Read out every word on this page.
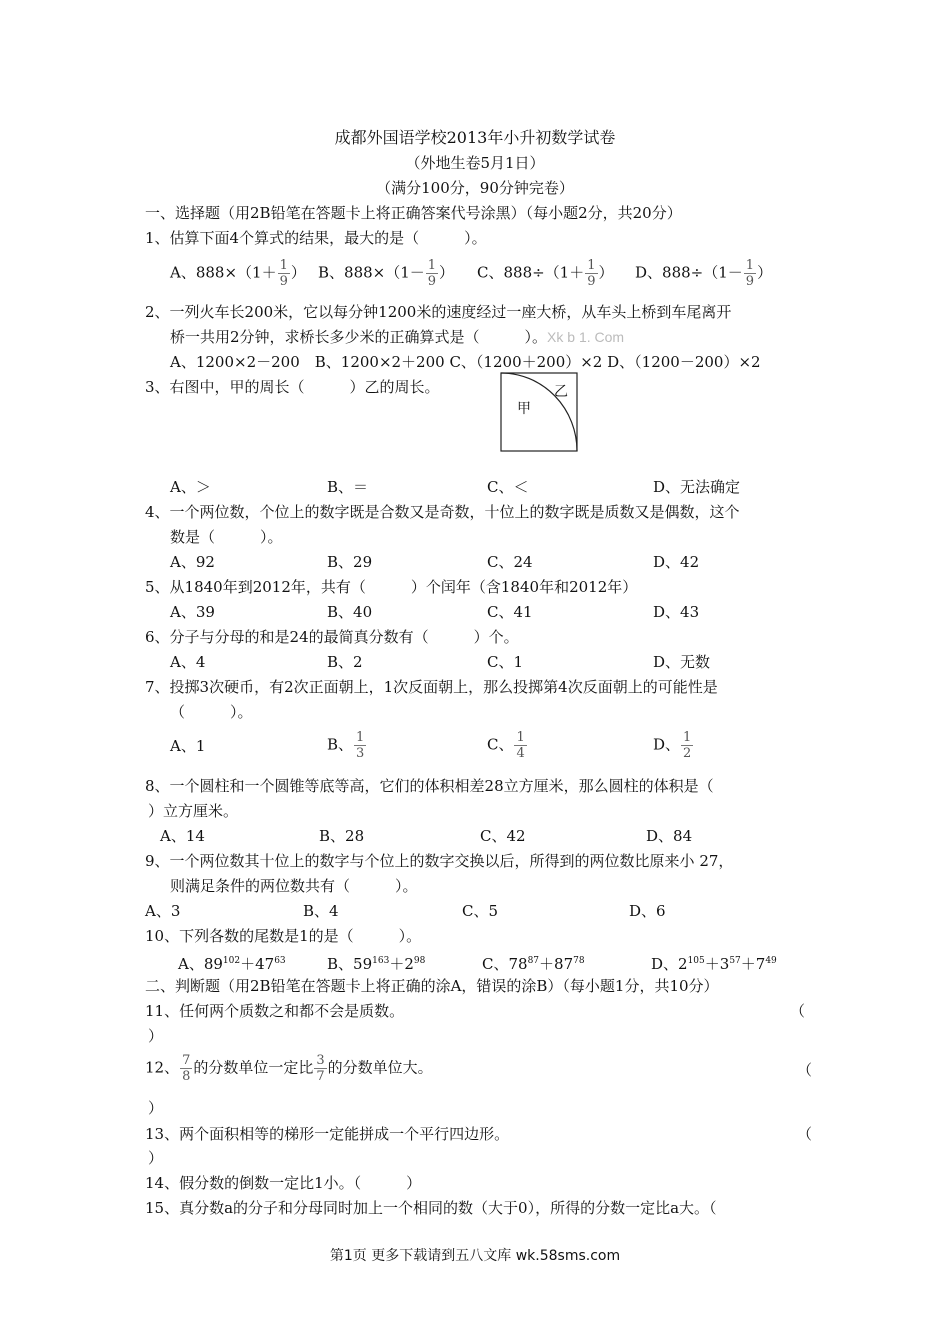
成都外国语学校2013年小升初数学试卷
（外地生卷5月1日）
（满分100分，90分钟完卷）
一、选择题（用2B铅笔在答题卡上将正确答案代号涂黑）（每小题2分，共20分）
1、估算下面4个算式的结果，最大的是（　　　）。
A、$888\times(1+ \frac{1}{9}$ ） B、$888\times(1- \frac{1}{9}$ ） C、$888\div(1+ \frac{1}{9}$ ） D、$888\div(1- \frac{1}{9}$ ）
2、一列火车长200米，它以每分钟1200米的速度经过一座大桥，从车头上桥到车尾离开
桥一共用2分钟，求桥长多少米的正确算式是（　　　）。Xk b 1. Com
A、1200×2－200　B、1200×2＋200 C、（1200＋200）×2 D、（1200－200）×2
3、右图中，甲的周长（　　　）乙的周长。
甲
乙
A、＞	B、＝	C、＜	D、无法确定
4、一个两位数，个位上的数字既是合数又是奇数，十位上的数字既是质数又是偶数，这个
数是（　　　）。
A、92	B、29	C、24	D、42
5、从1840年到2012年，共有（　　　）个闰年（含1840年和2012年）
A、39	B、40	C、41	D、43
6、分子与分母的和是24的最简真分数有（　　　）个。
A、4	B、2	C、1	D、无数
7、投掷3次硬币，有2次正面朝上，1次反面朝上，那么投掷第4次反面朝上的可能性是
（　　　）。
A、1	B、 $\frac{1}{3}$	C、 $\frac{1}{4}$	D、 $\frac{1}{2}$
8、一个圆柱和一个圆锥等底等高，它们的体积相差28立方厘米，那么圆柱的体积是（
）立方厘米。
A、14	B、28	C、42	D、84
9、一个两位数其十位上的数字与个位上的数字交换以后，所得到的两位数比原来小 27，
则满足条件的两位数共有（　　　）。
A、3	B、4	C、5	D、6
10、下列各数的尾数是1的是（　　　）。
A、$89^{102}+47^{63}$	B、$59^{163}+2^{98}$	C、$78^{87}+87^{78}$	D、$2^{105}+3^{57}+7^{49}$
二、判断题（用2B铅笔在答题卡上将正确的涂A，错误的涂B）（每小题1分，共10分）
11、任何两个质数之和都不会是质数。	（
）
12、 $\frac{7}{8}$ 的分数单位一定比 $\frac{3}{7}$ 的分数单位大。	（
）
13、两个面积相等的梯形一定能拼成一个平行四边形。	（
）
14、假分数的倒数一定比1小。（　　　）
15、真分数a的分子和分母同时加上一个相同的数（大于0），所得的分数一定比a大。（
第1页 更多下载请到五八文库 wk.58sms.com
